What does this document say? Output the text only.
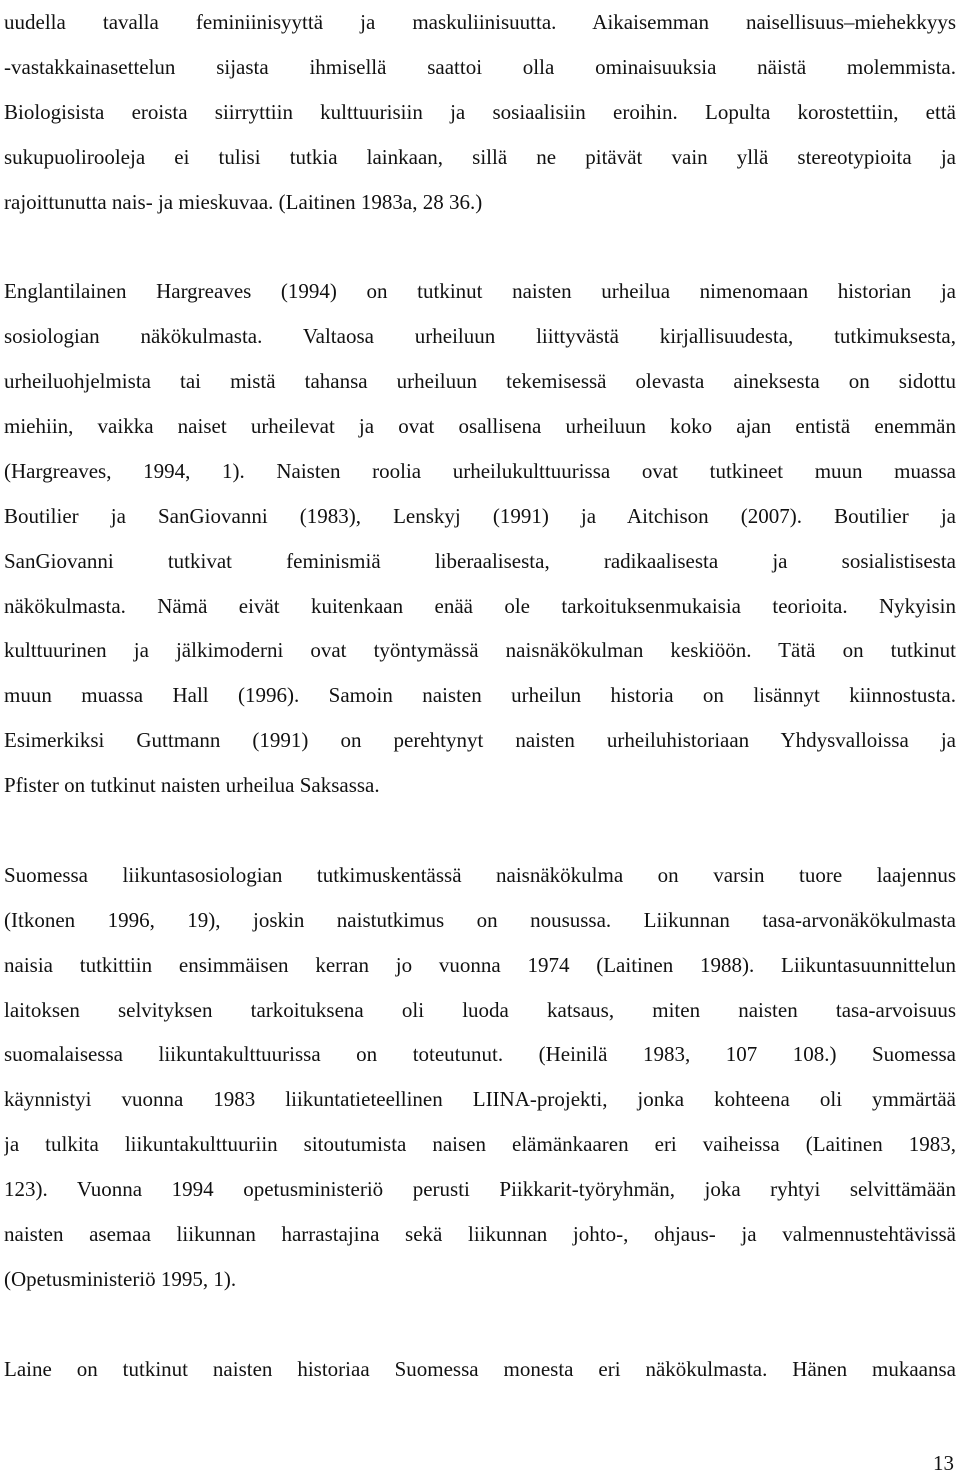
uudella tavalla feminiinisyyttä ja maskuliinisuutta. Aikaisemman naisellisuus–miehekkyys
-vastakkainasettelun sijasta ihmisellä saattoi olla ominaisuuksia näistä molemmista.
Biologisista eroista siirryttiin kulttuurisiin ja sosiaalisiin eroihin. Lopulta korostettiin, että
sukupuolirooleja ei tulisi tutkia lainkaan, sillä ne pitävät vain yllä stereotypioita ja
rajoittunutta nais- ja mieskuvaa. (Laitinen 1983a, 28 36.)
Englantilainen Hargreaves (1994) on tutkinut naisten urheilua nimenomaan historian ja
sosiologian näkökulmasta. Valtaosa urheiluun liittyvästä kirjallisuudesta, tutkimuksesta,
urheiluohjelmista tai mistä tahansa urheiluun tekemisessä olevasta aineksesta on sidottu
miehiin, vaikka naiset urheilevat ja ovat osallisena urheiluun koko ajan entistä enemmän
(Hargreaves, 1994, 1). Naisten roolia urheilukulttuurissa ovat tutkineet muun muassa
Boutilier ja SanGiovanni (1983), Lenskyj (1991) ja Aitchison (2007). Boutilier ja
SanGiovanni tutkivat feminismiä liberaalisesta, radikaalisesta ja sosialistisesta
näkökulmasta. Nämä eivät kuitenkaan enää ole tarkoituksenmukaisia teorioita. Nykyisin
kulttuurinen ja jälkimoderni ovat työntymässä naisnäkökulman keskiöön. Tätä on tutkinut
muun muassa Hall (1996). Samoin naisten urheilun historia on lisännyt kiinnostusta.
Esimerkiksi Guttmann (1991) on perehtynyt naisten urheiluhistoriaan Yhdysvalloissa ja
Pfister on tutkinut naisten urheilua Saksassa.
Suomessa liikuntasosiologian tutkimuskentässä naisnäkökulma on varsin tuore laajennus
(Itkonen 1996, 19), joskin naistutkimus on nousussa. Liikunnan tasa-arvonäkökulmasta
naisia tutkittiin ensimmäisen kerran jo vuonna 1974 (Laitinen 1988). Liikuntasuunnittelun
laitoksen selvityksen tarkoituksena oli luoda katsaus, miten naisten tasa-arvoisuus
suomalaisessa liikuntakulttuurissa on toteutunut. (Heinilä 1983, 107 108.) Suomessa
käynnistyi vuonna 1983 liikuntatieteellinen LIINA-projekti, jonka kohteena oli ymmärtää
ja tulkita liikuntakulttuuriin sitoutumista naisen elämänkaaren eri vaiheissa (Laitinen 1983,
123). Vuonna 1994 opetusministeriö perusti Piikkarit-työryhmän, joka ryhtyi selvittämään
naisten asemaa liikunnan harrastajina sekä liikunnan johto-, ohjaus- ja valmennustehtävissä
(Opetusministeriö 1995, 1).
Laine on tutkinut naisten historiaa Suomessa monesta eri näkökulmasta. Hänen mukaansa
13
